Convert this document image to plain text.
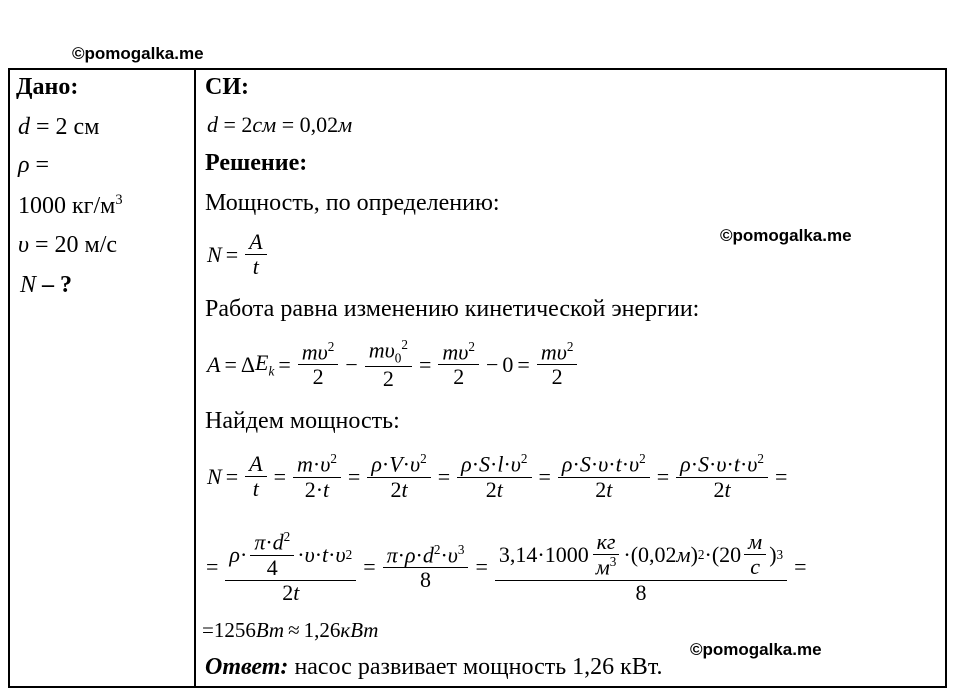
©pomogalka.me
©pomogalka.me
©pomogalka.me
Дано:
d = 2 см
ρ =
1000 $кг/м^3$
υ = 20 м/с
N – ?
СИ:
d = 2см = 0,02м
Решение:
Мощность, по определению:
$N = \frac{A}{t}$
Работа равна изменению кинетической энергии:
A = Δ $E_k = \frac{m\upsilon^2}{2} - \frac{m\upsilon_0^2}{2} = \frac{m\upsilon^2}{2} - 0 = \frac{m\upsilon^2}{2}$
Найдем мощность:
$N = \frac{A}{t} = \frac{m\cdot\upsilon^2}{2\cdot t} = \frac{\rho\cdot V\cdot\upsilon^2}{2t} = \frac{\rho\cdot S\cdot l\cdot\upsilon^2}{2t} = \frac{\rho\cdot S\cdot\upsilon\cdot t\cdot\upsilon^2}{2t} = \frac{\rho\cdot S\cdot\upsilon\cdot t\cdot\upsilon^2}{2t}$ =
= $\frac{\rho \cdot \frac{\pi\cdot d^2}{4} \cdot \upsilon \cdot t \cdot \upsilon 2}{2t} = \frac{\pi\cdot\rho\cdot d^2\cdot\upsilon^3}{8} = \frac{3,14\cdot 1000 \frac{кг}{м^3} \cdot(0,02 м ) 2 \cdot(20 \frac{м}{с} ) 3}{8}$ =
=1256 Вт ≈ 1,26 кВт
Ответ: насос развивает мощность 1,26 кВт.
